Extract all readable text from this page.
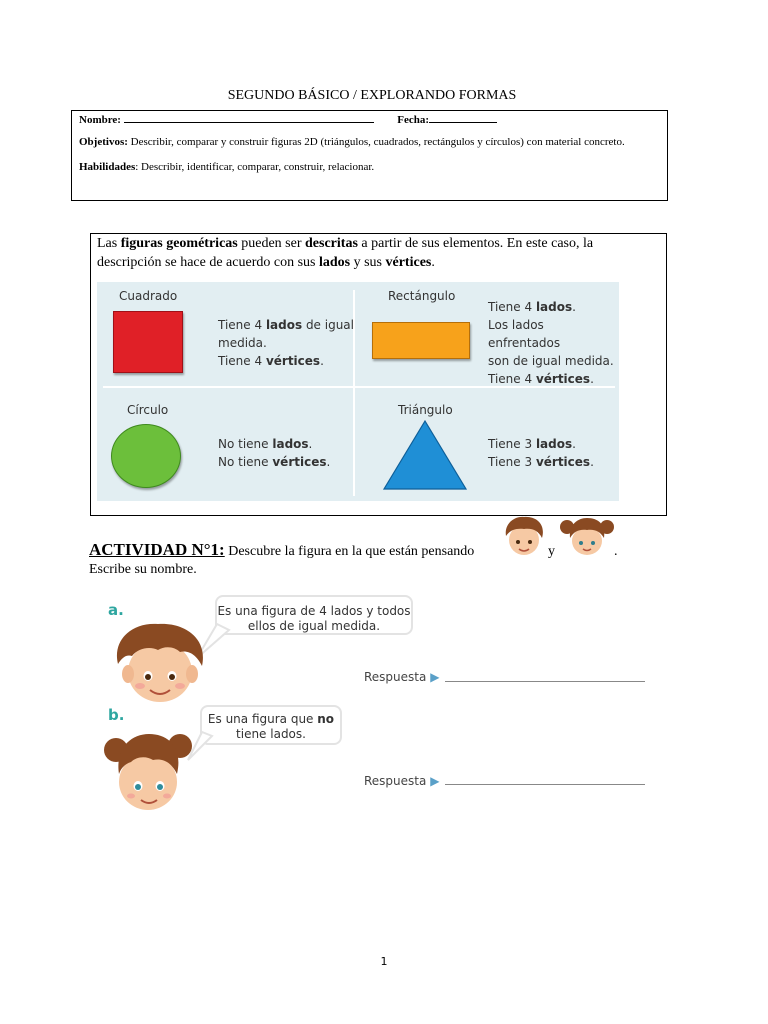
SEGUNDO BÁSICO / EXPLORANDO FORMAS
Nombre:	Fecha:
Objetivos: Describir, comparar y construir figuras 2D (triángulos, cuadrados, rectángulos y círculos) con material concreto.
Habilidades: Describir, identificar, comparar, construir, relacionar.
Las figuras geométricas pueden ser descritas a partir de sus elementos. En este caso, la descripción se hace de acuerdo con sus lados y sus vértices.
Cuadrado
Tiene 4 lados de igual
medida.
Tiene 4 vértices.
Rectángulo
Tiene 4 lados.
Los lados enfrentados
son de igual medida.
Tiene 4 vértices.
Círculo
No tiene lados.
No tiene vértices.
Triángulo
Tiene 3 lados.
Tiene 3 vértices.
ACTIVIDAD N°1: Descubre la figura en la que están pensando	y	.
Escribe su nombre.
a.	Es una figura de 4 lados y todos
ellos de igual medida.
Respuesta ▶
b.	Es una figura que no
tiene lados.
Respuesta ▶
1
